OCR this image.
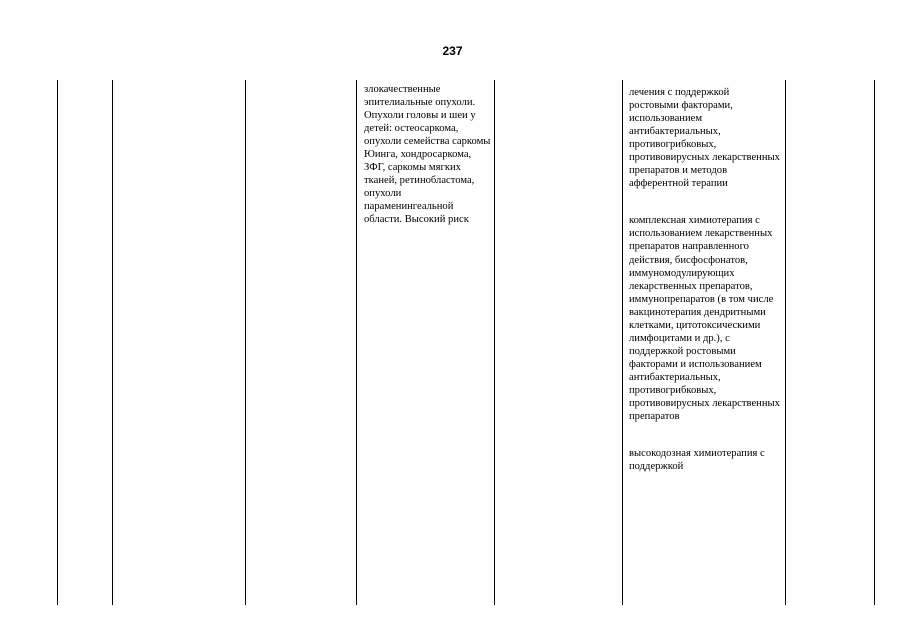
237
злокачественные эпителиальные опухоли. Опухоли головы и шеи у детей: остеосаркома, опухоли семейства саркомы Юинга, хондросаркома, ЗФГ, саркомы мягких тканей, ретинобластома, опухоли параменингеальной области. Высокий риск

лечения с поддержкой ростовыми факторами, использованием антибактериальных, противогрибковых, противовирусных лекарственных препаратов и методов афферентной терапии

комплексная химиотерапия с использованием лекарственных препаратов направленного действия, бисфосфонатов, иммуномодулирующих лекарственных препаратов, иммунопрепаратов (в том числе вакцинотерапия дендритными клетками, цитотоксическими лимфоцитами и др.), с поддержкой ростовыми факторами и использованием антибактериальных, противогрибковых, противовирусных лекарственных препаратов

высокодозная химиотерапия с поддержкой
